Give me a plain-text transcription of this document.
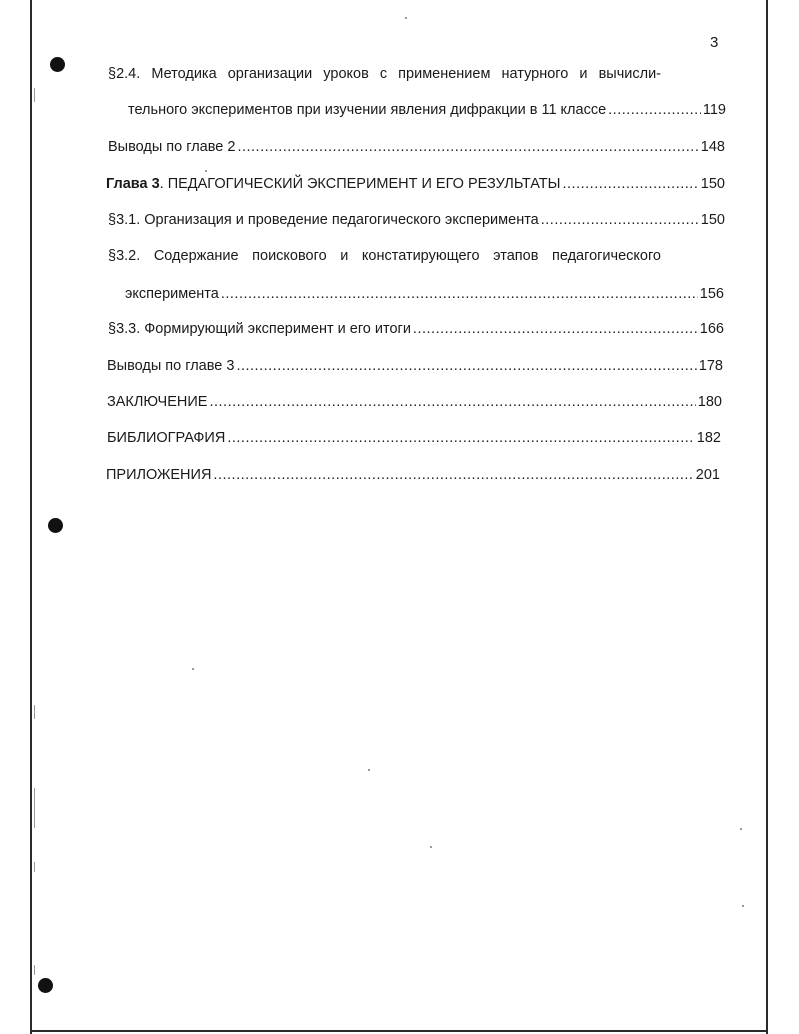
3
§2.4. Методика организации уроков с применением натурного и вычисли-
тельного экспериментов при изучении явления дифракции в 11 классе .....	119
Выводы по главе 2 .....	148
Глава 3. ПЕДАГОГИЧЕСКИЙ ЭКСПЕРИМЕНТ И ЕГО РЕЗУЛЬТАТЫ .....	150
§3.1. Организация и проведение педагогического эксперимента .....	150
§3.2. Содержание поискового и констатирующего этапов педагогического
эксперимента .....	156
§3.3. Формирующий эксперимент и его итоги .....	166
Выводы по главе 3 .....	178
ЗАКЛЮЧЕНИЕ .....	180
БИБЛИОГРАФИЯ .....	182
ПРИЛОЖЕНИЯ .....	201
